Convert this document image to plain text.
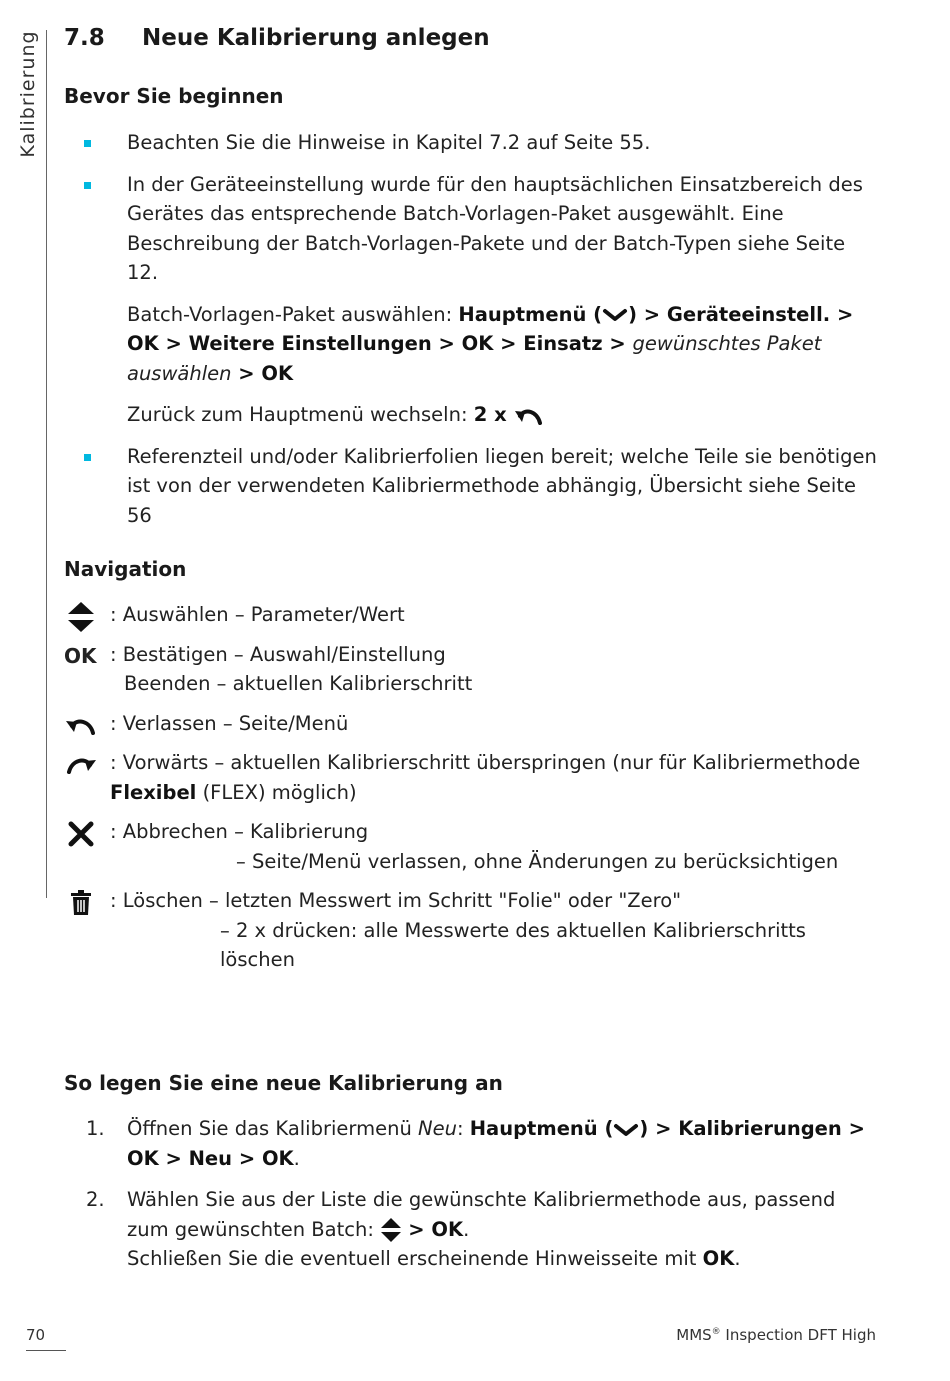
Kalibrierung 7.8 Neue Kalibrierung anlegen
Bevor Sie beginnen

Beachten Sie die Hinweise in Kapitel 7.2 auf Seite 55.

In der Geräteeinstellung wurde für den hauptsächlichen Einsatzbereich des Gerätes das entsprechende Batch-Vorlagen-Paket ausgewählt. Eine Beschreibung der Batch-Vorlagen-Pakete und der Batch-Typen siehe Seite 12.

Batch-Vorlagen-Paket auswählen: Hauptmenü ( ) > Geräteeinstell. > OK > Weitere Einstellungen > OK > Einsatz > gewünschtes Paket auswählen > OK

Zurück zum Hauptmenü wechseln: 2 x

Referenzteil und/oder Kalibrierfolien liegen bereit; welche Teile sie benötigen ist von der verwendeten Kalibriermethode abhängig, Übersicht siehe Seite 56

Navigation
: Auswählen – Parameter/Wert
OK : Bestätigen – Auswahl/Einstellung
Beenden – aktuellen Kalibrierschritt
: Verlassen – Seite/Menü
: Vorwärts – aktuellen Kalibrierschritt überspringen (nur für Kalibriermethode Flexibel (FLEX) möglich)
: Abbrechen – Kalibrierung
– Seite/Menü verlassen, ohne Änderungen zu berücksichtigen
: Löschen – letzten Messwert im Schritt "Folie" oder "Zero"
– 2 x drücken: alle Messwerte des aktuellen Kalibrierschritts löschen
So legen Sie eine neue Kalibrierung an
1. Öffnen Sie das Kalibriermenü Neu: Hauptmenü ( ) > Kalibrierungen > OK > Neu > OK.
2. Wählen Sie aus der Liste die gewünschte Kalibriermethode aus, passend zum gewünschten Batch:  > OK.
Schließen Sie die eventuell erscheinende Hinweisseite mit OK.
70	MMS® Inspection DFT High
